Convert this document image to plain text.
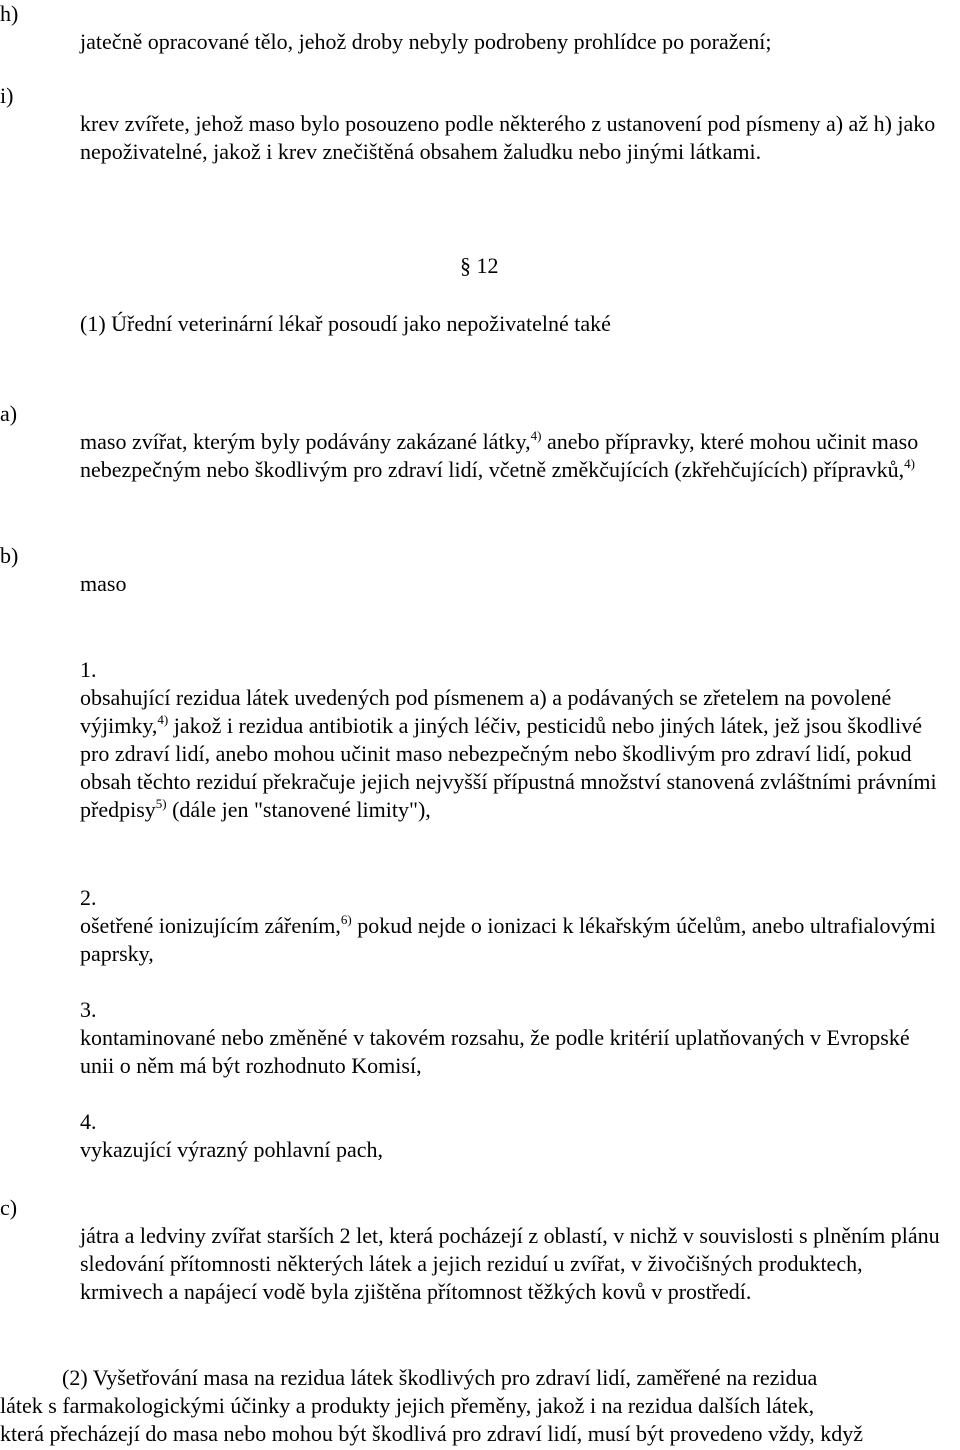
h)
jatečně opracované tělo, jehož droby nebyly podrobeny prohlídce po poražení;
i)
krev zvířete, jehož maso bylo posouzeno podle některého z ustanovení pod písmeny a) až h) jako nepoživatelné, jakož i krev znečištěná obsahem žaludku nebo jinými látkami.
§ 12
(1) Úřední veterinární lékař posoudí jako nepoživatelné také
a)
maso zvířat, kterým byly podávány zakázané látky,$^{4)}$ anebo přípravky, které mohou učinit maso nebezpečným nebo škodlivým pro zdraví lidí, včetně změkčujících (zkřehčujících) přípravků,$^{4)}$
b)
maso
1.
obsahující rezidua látek uvedených pod písmenem a) a podávaných se zřetelem na povolené výjimky,$^{4)}$ jakož i rezidua antibiotik a jiných léčiv, pesticidů nebo jiných látek, jež jsou škodlivé pro zdraví lidí, anebo mohou učinit maso nebezpečným nebo škodlivým pro zdraví lidí, pokud obsah těchto reziduí překračuje jejich nejvyšší přípustná množství stanovená zvláštními právními předpisy$^{5)}$ (dále jen "stanovené limity"),
2.
ošetřené ionizujícím zářením,$^{6)}$ pokud nejde o ionizaci k lékařským účelům, anebo ultrafialovými paprsky,
3.
kontaminované nebo změněné v takovém rozsahu, že podle kritérií uplatňovaných v Evropské unii o něm má být rozhodnuto Komisí,
4.
vykazující výrazný pohlavní pach,
c)
játra a ledviny zvířat starších 2 let, která pocházejí z oblastí, v nichž v souvislosti s plněním plánu sledování přítomnosti některých látek a jejich reziduí u zvířat, v živočišných produktech, krmivech a napájecí vodě byla zjištěna přítomnost těžkých kovů v prostředí.
(2) Vyšetřování masa na rezidua látek škodlivých pro zdraví lidí, zaměřené na rezidua
látek s farmakologickými účinky a produkty jejich přeměny, jakož i na rezidua dalších látek,
která přecházejí do masa nebo mohou být škodlivá pro zdraví lidí, musí být provedeno vždy, když
